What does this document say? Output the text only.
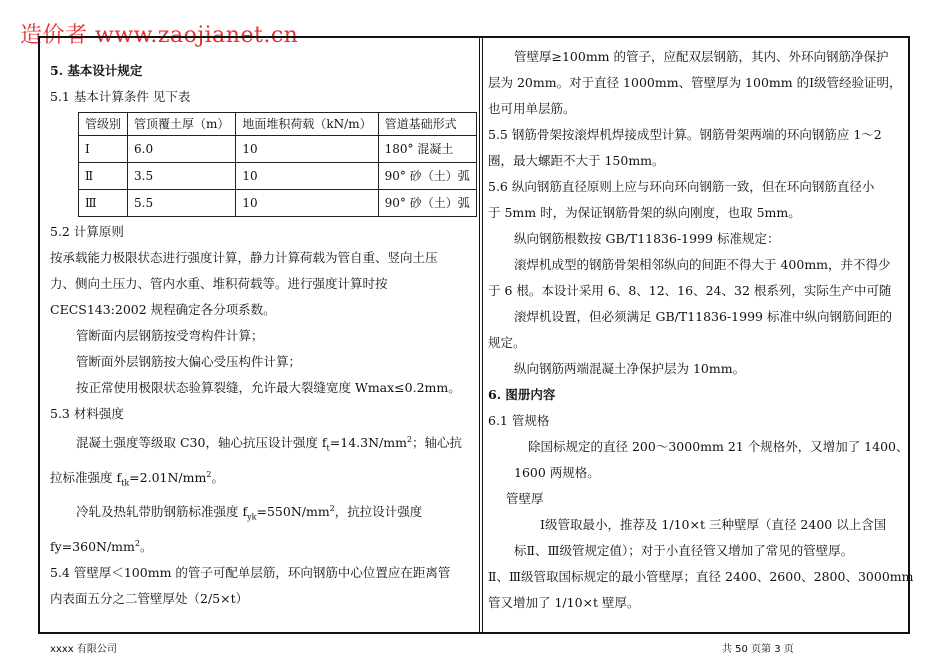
造价者 www.zaojianet.cn
5. 基本设计规定
5.1 基本计算条件 见下表
管级别	管顶覆土厚（m）	地面堆积荷载（kN/m）	管道基础形式
Ⅰ	6.0	10	180° 混凝土
Ⅱ	3.5	10	90° 砂（土）弧
Ⅲ	5.5	10	90° 砂（土）弧
5.2 计算原则
按承载能力极限状态进行强度计算，静力计算荷载为管自重、竖向土压
力、侧向土压力、管内水重、堆积荷载等。进行强度计算时按
CECS143:2002 规程确定各分项系数。
管断面内层钢筋按受弯构件计算；
管断面外层钢筋按大偏心受压构件计算；
按正常使用极限状态验算裂缝，允许最大裂缝宽度 Wmax≤0.2mm。
5.3 材料强度
混凝土强度等级取 C30，轴心抗压设计强度 $f_t=14.3N/mm^2$；轴心抗
拉标准强度 $f_{tk}=2.01N/mm^2$。
冷轧及热轧带肋钢筋标准强度 $f_{yk}=550N/mm^2$，抗拉设计强度
$fy=360N/mm^2$。
5.4 管壁厚＜100mm 的管子可配单层筋，环向钢筋中心位置应在距离管
内表面五分之二管壁厚处（2/5×t）
管壁厚≥100mm 的管子，应配双层钢筋，其内、外环向钢筋净保护
层为 20mm。对于直径 1000mm、管壁厚为 100mm 的Ⅰ级管经验证明，
也可用单层筋。
5.5 钢筋骨架按滚焊机焊接成型计算。钢筋骨架两端的环向钢筋应 1～2
圈，最大螺距不大于 150mm。
5.6 纵向钢筋直径原则上应与环向环向钢筋一致，但在环向钢筋直径小
于 5mm 时，为保证钢筋骨架的纵向刚度，也取 5mm。
纵向钢筋根数按 GB/T11836-1999 标准规定：
滚焊机成型的钢筋骨架相邻纵向的间距不得大于 400mm，并不得少
于 6 根。本设计采用 6、8、12、16、24、32 根系列，实际生产中可随
滚焊机设置，但必须满足 GB/T11836-1999 标准中纵向钢筋间距的
规定。
纵向钢筋两端混凝土净保护层为 10mm。
6. 图册内容
6.1 管规格
除国标规定的直径 200～3000mm 21 个规格外，又增加了 1400、
1600 两规格。
管壁厚
Ⅰ级管取最小，推荐及 1/10×t 三种壁厚（直径 2400 以上含国
标Ⅱ、Ⅲ级管规定值）；对于小直径管又增加了常见的管壁厚。
Ⅱ、Ⅲ级管取国标规定的最小管壁厚；直径 2400、2600、2800、3000mm
管又增加了 1/10×t 壁厚。
xxxx 有限公司	共 50 页第 3 页
